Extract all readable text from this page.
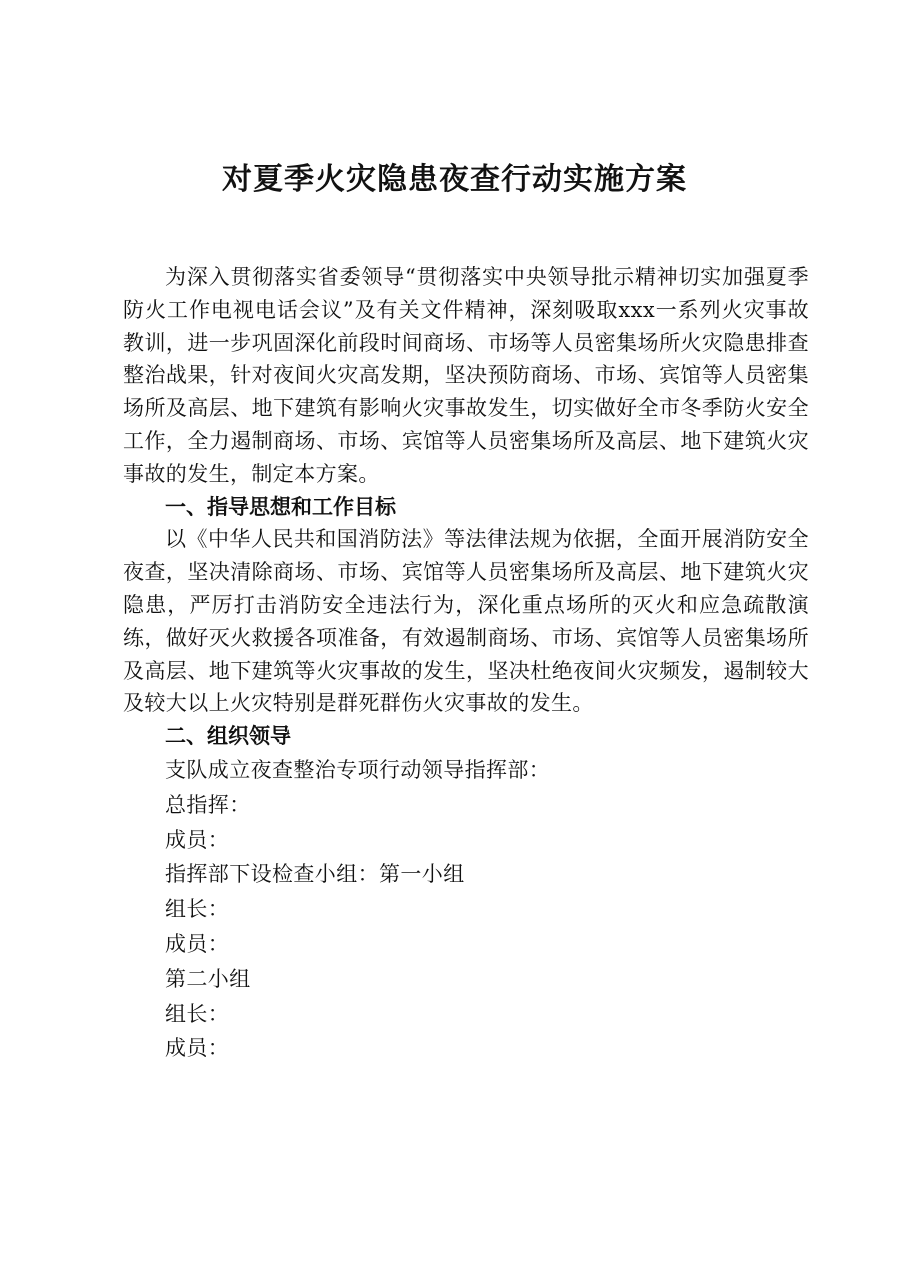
对夏季火灾隐患夜查行动实施方案

为深入贯彻落实省委领导“贯彻落实中央领导批示精神切实加强夏季防火工作电视电话会议”及有关文件精神，深刻吸取xxx一系列火灾事故教训，进一步巩固深化前段时间商场、市场等人员密集场所火灾隐患排查整治战果，针对夜间火灾高发期，坚决预防商场、市场、宾馆等人员密集场所及高层、地下建筑有影响火灾事故发生，切实做好全市冬季防火安全工作，全力遏制商场、市场、宾馆等人员密集场所及高层、地下建筑火灾事故的发生，制定本方案。

一、指导思想和工作目标

以《中华人民共和国消防法》等法律法规为依据，全面开展消防安全夜查，坚决清除商场、市场、宾馆等人员密集场所及高层、地下建筑火灾隐患，严厉打击消防安全违法行为，深化重点场所的灭火和应急疏散演练，做好灭火救援各项准备，有效遏制商场、市场、宾馆等人员密集场所及高层、地下建筑等火灾事故的发生，坚决杜绝夜间火灾频发，遏制较大及较大以上火灾特别是群死群伤火灾事故的发生。

二、组织领导

支队成立夜查整治专项行动领导指挥部：

总指挥：

成员：

指挥部下设检查小组：第一小组

组长：

成员：

第二小组

组长：

成员：
